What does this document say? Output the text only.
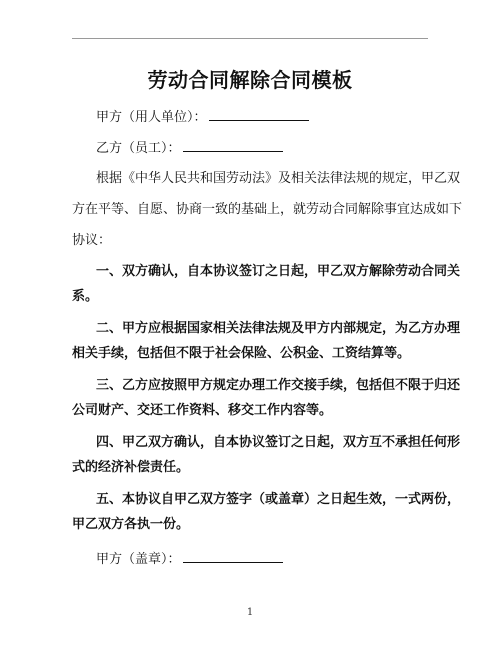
劳动合同解除合同模板
甲方（用人单位）：
乙方（员工）：
根据《中华人民共和国劳动法》及相关法律法规的规定，甲乙双
方在平等、自愿、协商一致的基础上，就劳动合同解除事宜达成如下
协议：
一、双方确认，自本协议签订之日起，甲乙双方解除劳动合同关
系。
二、甲方应根据国家相关法律法规及甲方内部规定，为乙方办理
相关手续，包括但不限于社会保险、公积金、工资结算等。
三、乙方应按照甲方规定办理工作交接手续，包括但不限于归还
公司财产、交还工作资料、移交工作内容等。
四、甲乙双方确认，自本协议签订之日起，双方互不承担任何形
式的经济补偿责任。
五、本协议自甲乙双方签字（或盖章）之日起生效，一式两份，
甲乙双方各执一份。
甲方（盖章）：
1
